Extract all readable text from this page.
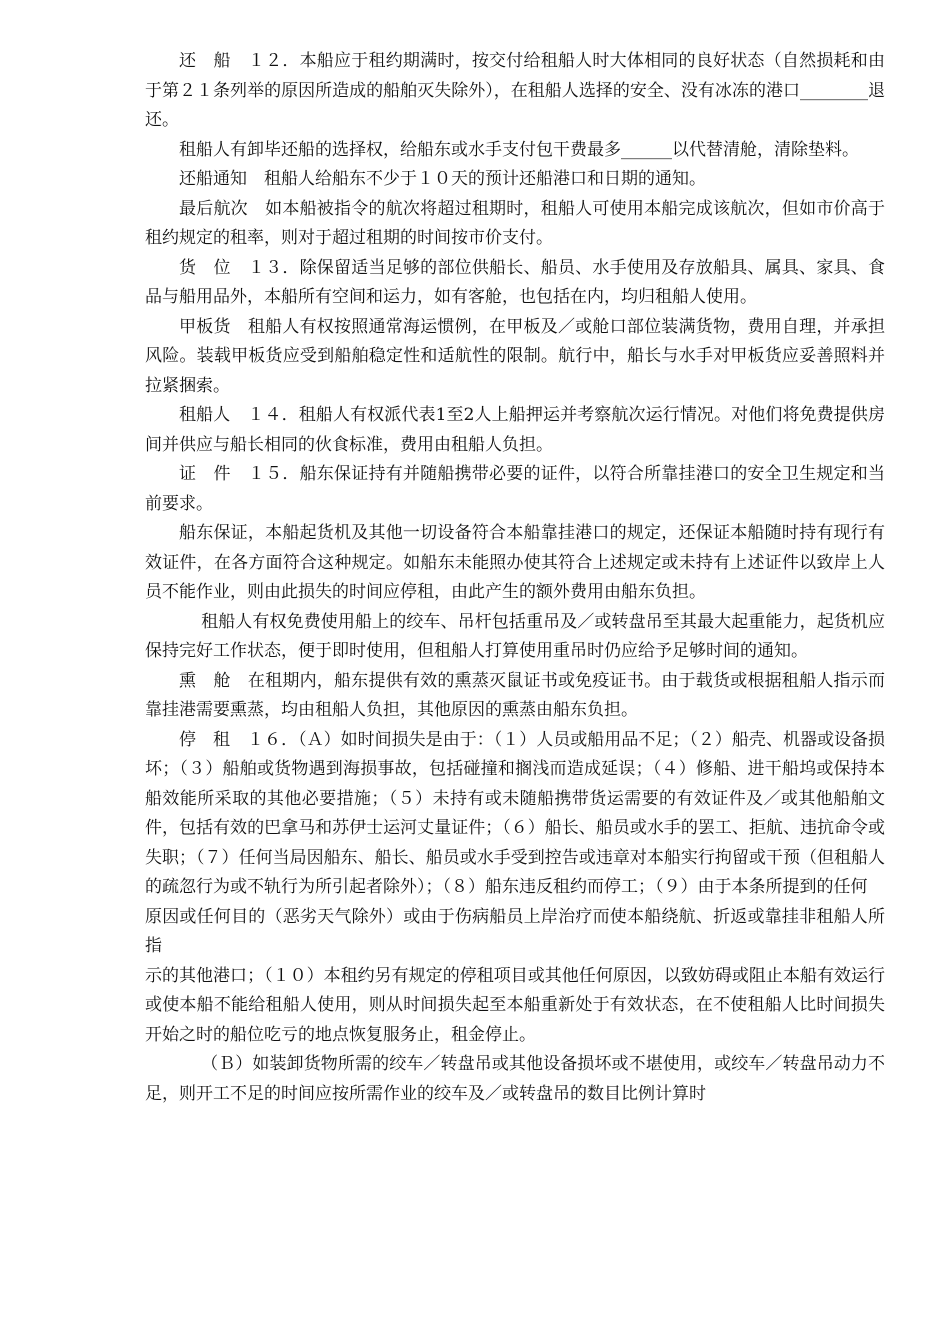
还　船　１２．本船应于租约期满时，按交付给租船人时大体相同的良好状态（自然损耗和由于第２１条列举的原因所造成的船舶灭失除外），在租船人选择的安全、没有冰冻的港口________退还。

租船人有卸毕还船的选择权，给船东或水手支付包干费最多______以代替清舱，清除垫料。

还船通知　租船人给船东不少于１０天的预计还船港口和日期的通知。

最后航次　如本船被指令的航次将超过租期时，租船人可使用本船完成该航次，但如市价高于租约规定的租率，则对于超过租期的时间按市价支付。

货　位　１３．除保留适当足够的部位供船长、船员、水手使用及存放船具、属具、家具、食品与船用品外，本船所有空间和运力，如有客舱，也包括在内，均归租船人使用。

甲板货　租船人有权按照通常海运惯例，在甲板及／或舱口部位装满货物，费用自理，并承担风险。装载甲板货应受到船舶稳定性和适航性的限制。航行中，船长与水手对甲板货应妥善照料并拉紧捆索。

租船人　１４．租船人有权派代表1至2人上船押运并考察航次运行情况。对他们将免费提供房间并供应与船长相同的伙食标准，费用由租船人负担。

证　件　１５．船东保证持有并随船携带必要的证件，以符合所靠挂港口的安全卫生规定和当前要求。

船东保证，本船起货机及其他一切设备符合本船靠挂港口的规定，还保证本船随时持有现行有效证件，在各方面符合这种规定。如船东未能照办使其符合上述规定或未持有上述证件以致岸上人员不能作业，则由此损失的时间应停租，由此产生的额外费用由船东负担。

租船人有权免费使用船上的绞车、吊杆包括重吊及／或转盘吊至其最大起重能力，起货机应保持完好工作状态，便于即时使用，但租船人打算使用重吊时仍应给予足够时间的通知。

熏　舱　在租期内，船东提供有效的熏蒸灭鼠证书或免疫证书。由于载货或根据租船人指示而靠挂港需要熏蒸，均由租船人负担，其他原因的熏蒸由船东负担。

停　租　１６．（Ａ）如时间损失是由于：（１）人员或船用品不足；（２）船壳、机器或设备损坏；（３）船舶或货物遇到海损事故，包括碰撞和搁浅而造成延误；（４）修船、进干船坞或保持本船效能所采取的其他必要措施；（５）未持有或未随船携带货运需要的有效证件及／或其他船舶文件，包括有效的巴拿马和苏伊士运河丈量证件；（６）船长、船员或水手的罢工、拒航、违抗命令或失职；（７）任何当局因船东、船长、船员或水手受到控告或违章对本船实行拘留或干预（但租船人的疏忽行为或不轨行为所引起者除外）；（８）船东违反租约而停工；（９）由于本条所提到的任何

原因或任何目的（恶劣天气除外）或由于伤病船员上岸治疗而使本船绕航、折返或靠挂非租船人所指

示的其他港口；（１０）本租约另有规定的停租项目或其他任何原因，以致妨碍或阻止本船有效运行或使本船不能给租船人使用，则从时间损失起至本船重新处于有效状态，在不使租船人比时间损失开始之时的船位吃亏的地点恢复服务止，租金停止。

（Ｂ）如装卸货物所需的绞车／转盘吊或其他设备损坏或不堪使用，或绞车／转盘吊动力不足，则开工不足的时间应按所需作业的绞车及／或转盘吊的数目比例计算时
